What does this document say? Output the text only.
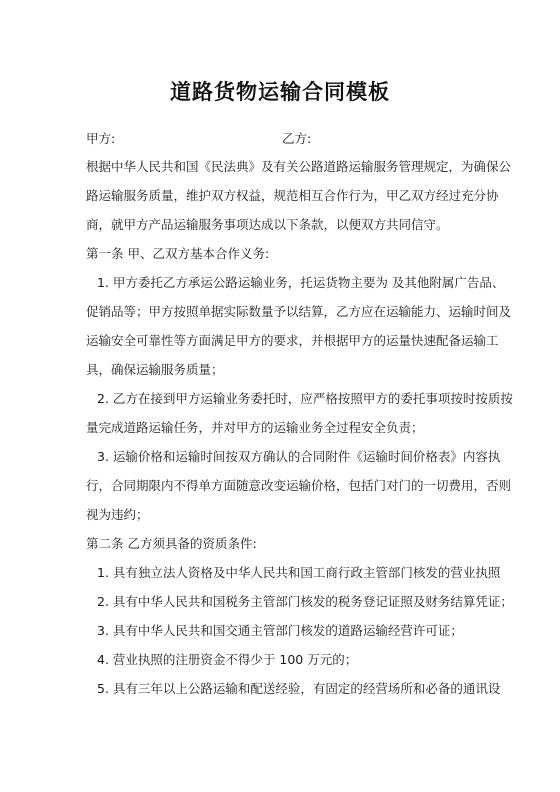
道路货物运输合同模板
甲方:	乙方:
根据中华人民共和国《民法典》及有关公路道路运输服务管理规定，为确保公
路运输服务质量，维护双方权益，规范相互合作行为，甲乙双方经过充分协
商，就甲方产品运输服务事项达成以下条款，以便双方共同信守。
第一条 甲、乙双方基本合作义务:
1. 甲方委托乙方承运公路运输业务，托运货物主要为 及其他附属广告品、
促销品等；甲方按照单据实际数量予以结算，乙方应在运输能力、运输时间及
运输安全可靠性等方面满足甲方的要求，并根据甲方的运量快速配备运输工
具，确保运输服务质量；
2. 乙方在接到甲方运输业务委托时，应严格按照甲方的委托事项按时按质按
量完成道路运输任务，并对甲方的运输业务全过程安全负责；
3. 运输价格和运输时间按双方确认的合同附件《运输时间价格表》内容执
行，合同期限内不得单方面随意改变运输价格，包括门对门的一切费用，否则
视为违约；
第二条 乙方须具备的资质条件:
1. 具有独立法人资格及中华人民共和国工商行政主管部门核发的营业执照
2. 具有中华人民共和国税务主管部门核发的税务登记证照及财务结算凭证；
3. 具有中华人民共和国交通主管部门核发的道路运输经营许可证；
4. 营业执照的注册资金不得少于 100 万元的；
5. 具有三年以上公路运输和配送经验，有固定的经营场所和必备的通讯设
